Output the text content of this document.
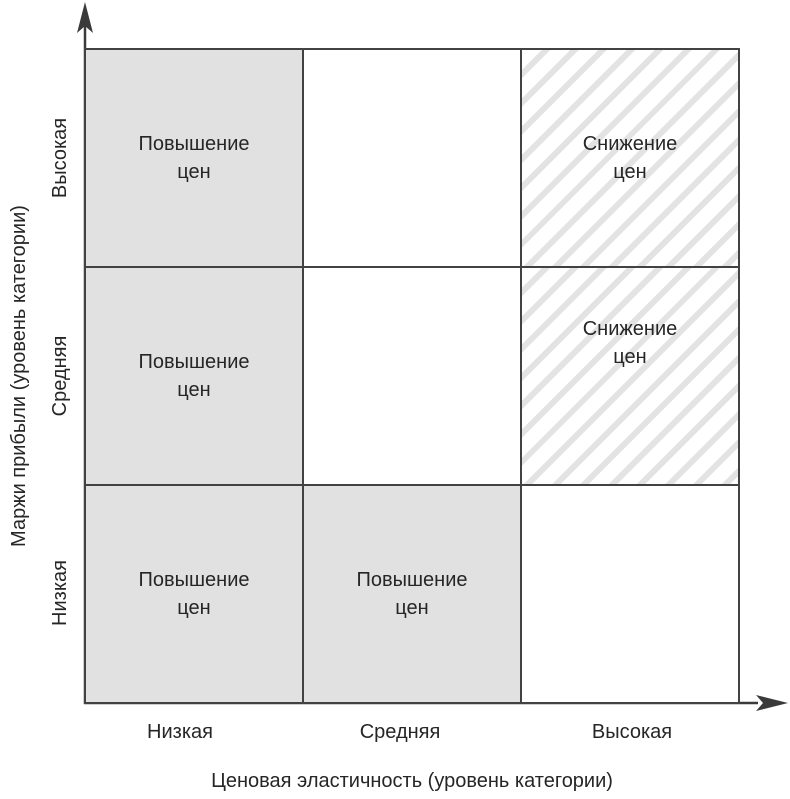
Повышение цен
Снижение цен
Повышение цен
Снижение цен
Повышение цен
Повышение цен
Высокая
Средняя
Низкая
Маржи прибыли (уровень категории)
Низкая	Средняя	Высокая
Ценовая эластичность (уровень категории)
